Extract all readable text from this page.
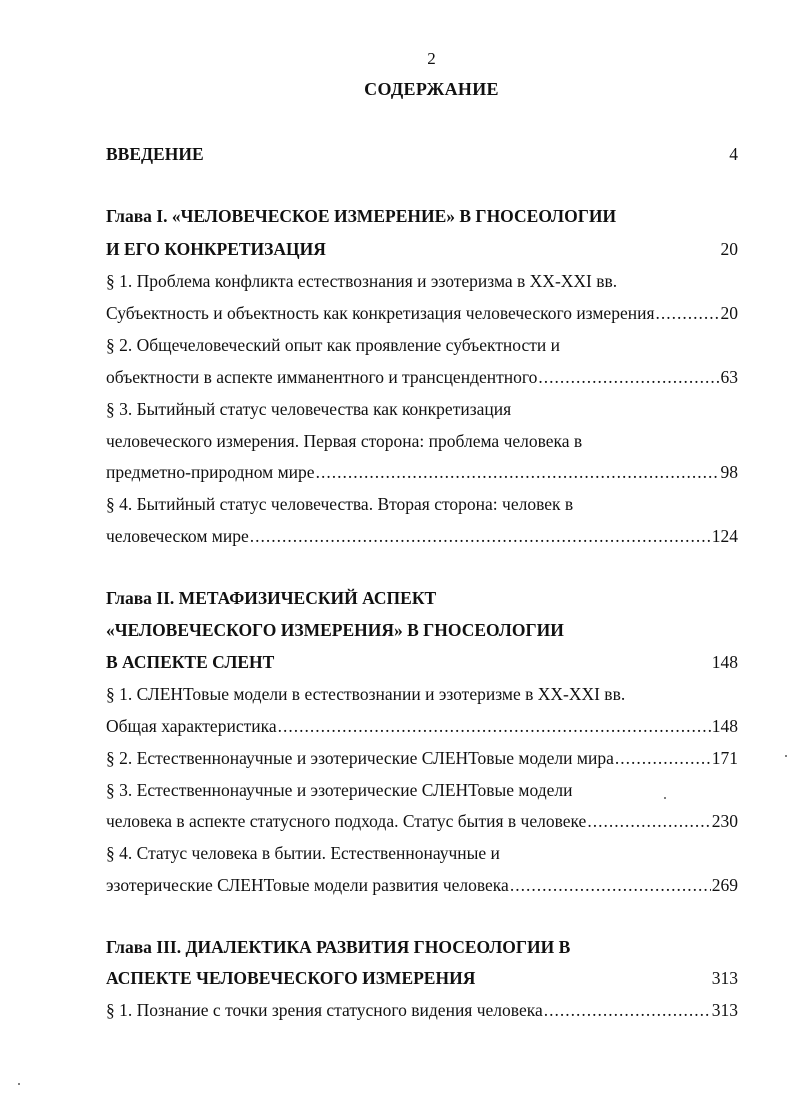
2
СОДЕРЖАНИЕ
ВВЕДЕНИЕ	4
Глава I. «ЧЕЛОВЕЧЕСКОЕ ИЗМЕРЕНИЕ» В ГНОСЕОЛОГИИ
И ЕГО КОНКРЕТИЗАЦИЯ	20
§ 1. Проблема конфликта естествознания и эзотеризма в XX-XXI вв.
Субъектность и объектность как конкретизация человеческого измерения .....	20
§ 2. Общечеловеческий опыт как проявление субъектности и
объектности в аспекте имманентного и трансцендентного .....	63
§ 3. Бытийный статус человечества как конкретизация
человеческого измерения. Первая сторона: проблема человека в
предметно-природном мире .....	98
§ 4. Бытийный статус человечества. Вторая сторона: человек в
человеческом мире .....	124
Глава II. МЕТАФИЗИЧЕСКИЙ АСПЕКТ
«ЧЕЛОВЕЧЕСКОГО ИЗМЕРЕНИЯ» В ГНОСЕОЛОГИИ
В АСПЕКТЕ СЛЕНТ	148
§ 1. СЛЕНТовые модели в естествознании и эзотеризме в XX-XXI вв.
Общая характеристика .....	148
§ 2. Естественнонаучные и эзотерические СЛЕНТовые модели мира .....	171
§ 3. Естественнонаучные и эзотерические СЛЕНТовые модели
человека в аспекте статусного подхода. Статус бытия в человеке .....	230
§ 4. Статус человека в бытии. Естественнонаучные и
эзотерические СЛЕНТовые модели развития человека .....	269
Глава III. ДИАЛЕКТИКА РАЗВИТИЯ ГНОСЕОЛОГИИ В
АСПЕКТЕ ЧЕЛОВЕЧЕСКОГО ИЗМЕРЕНИЯ	313
§ 1. Познание с точки зрения статусного видения человека .....	313
